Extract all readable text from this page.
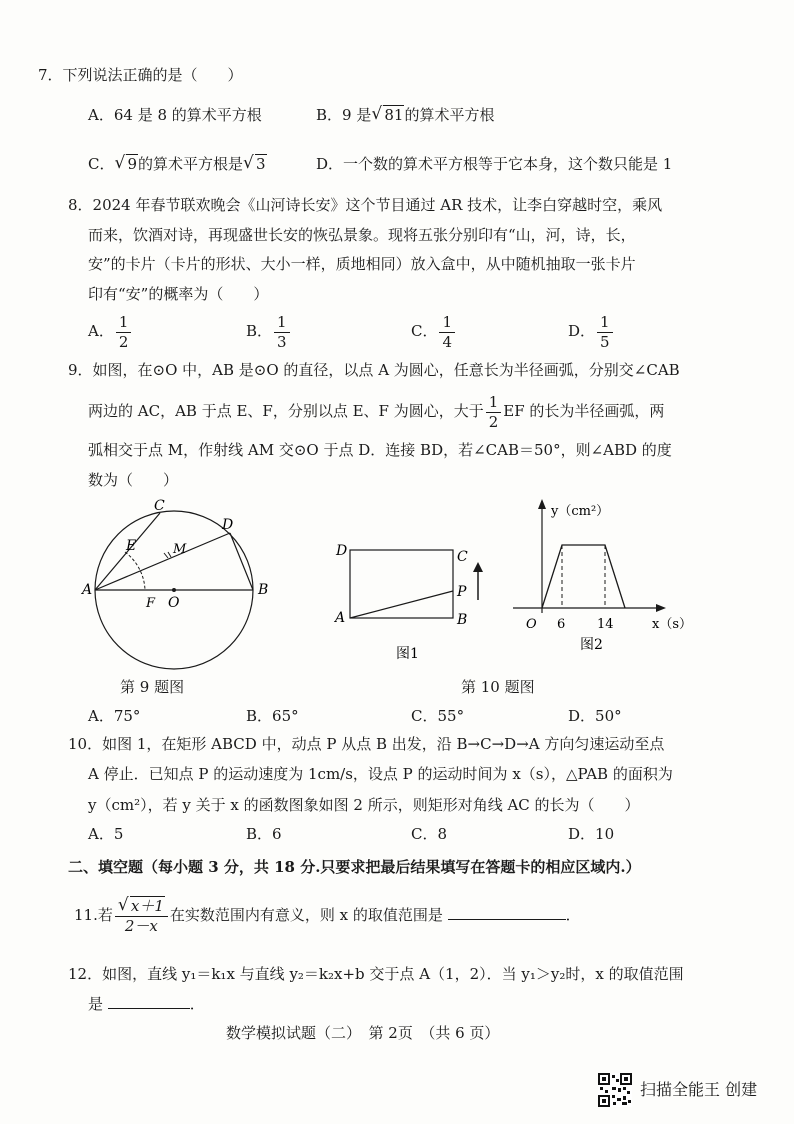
7．下列说法正确的是（　　）
A．64 是 8 的算术平方根	B．9 是 √ 81的算术平方根
C． √ 9的算术平方根是 √ 3	D．一个数的算术平方根等于它本身，这个数只能是 1
8．2024 年春节联欢晚会《山河诗长安》这个节目通过 AR 技术，让李白穿越时空，乘风
而来，饮酒对诗，再现盛世长安的恢弘景象。现将五张分别印有“山，河，诗，长，
安”的卡片（卡片的形状、大小一样，质地相同）放入盒中，从中随机抽取一张卡片
印有“安”的概率为（　　）
A． $\frac{1}{2}$	B． $\frac{1}{3}$	C． $\frac{1}{4}$	D． $\frac{1}{5}$
9．如图，在⊙O 中，AB 是⊙O 的直径，以点 A 为圆心，任意长为半径画弧，分别交∠CAB
两边的 AC，AB 于点 E、F，分别以点 E、F 为圆心，大于 $\frac{1}{2}$ EF 的长为半径画弧，两
弧相交于点 M，作射线 AM 交⊙O 于点 D．连接 BD，若∠CAB＝50°，则∠ABD 的度
数为（　　）
C
D
E	M
A
F O
B
第 9 题图
D	C
P
A	B
图1
y（cm²）
O 6 14	x（s）
图2
第 10 题图
A．75°	B．65°	C．55°	D．50°
10．如图 1，在矩形 ABCD 中，动点 P 从点 B 出发，沿 B→C→D→A 方向匀速运动至点
A 停止．已知点 P 的运动速度为 1cm/s，设点 P 的运动时间为 x（s），△PAB 的面积为
y（cm²），若 y 关于 x 的函数图象如图 2 所示，则矩形对角线 AC 的长为（　　）
A．5	B．6	C．8	D．10
二、填空题（每小题 3 分，共 18 分.只要求把最后结果填写在答题卡的相应区域内.）
11.若 √ $\frac{x+1}{2-x}$ 在实数范围内有意义，则 x 的取值范围是	．
12．如图，直线 y₁＝k₁x 与直线 y₂＝k₂x+b 交于点 A（1，2）．当 y₁＞y₂时，x 的取值范围
是	．
数学模拟试题（二）　第 2页　（共 6 页）
扫描全能王 创建
